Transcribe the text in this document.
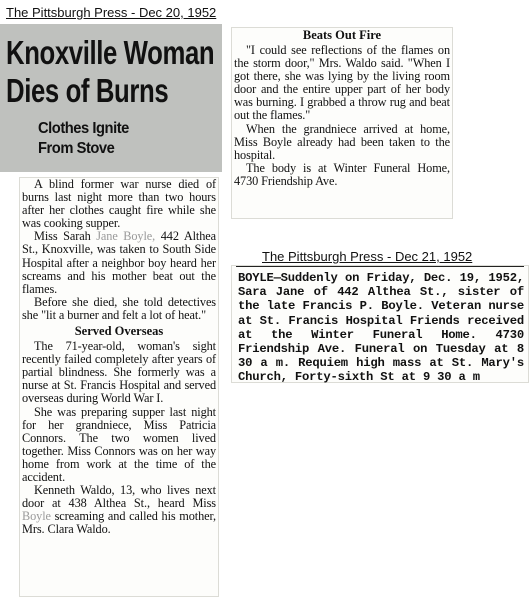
The Pittsburgh Press - Dec 20, 1952
Knoxville Woman
Dies of Burns
Clothes Ignite
From Stove

A blind former war nurse died of burns last night more than two hours after her clothes caught fire while she was cooking supper.

Miss Sarah Jane Boyle, 442 Althea St., Knoxville, was taken to South Side Hospital after a neighbor boy heard her screams and his mother beat out the flames.

Before she died, she told detectives she "lit a burner and felt a lot of heat."

Served Overseas

The 71-year-old, woman's sight recently failed completely after years of partial blindness. She formerly was a nurse at St. Francis Hospital and served overseas during World War I.

She was preparing supper last night for her grandniece, Miss Patricia Connors. The two women lived together. Miss Connors was on her way home from work at the time of the accident.

Kenneth Waldo, 13, who lives next door at 438 Althea St., heard Miss Boyle screaming and called his mother, Mrs. Clara Waldo.

Beats Out Fire

"I could see reflections of the flames on the storm door," Mrs. Waldo said. "When I got there, she was lying by the living room door and the entire upper part of her body was burning. I grabbed a throw rug and beat out the flames."

When the grandniece arrived at home, Miss Boyle already had been taken to the hospital.

The body is at Winter Funeral Home, 4730 Friendship Ave.

The Pittsburgh Press - Dec 21, 1952

BOYLE—Suddenly on Friday, Dec. 19, 1952, Sara Jane of 442 Althea St., sister of the late Francis P. Boyle. Veteran nurse at St. Francis Hospital Friends received at the Winter Funeral Home. 4730 Friendship Ave. Funeral on Tuesday at 8 30 a m. Requiem high mass at St. Mary's Church, Forty-sixth St at 9 30 a m
